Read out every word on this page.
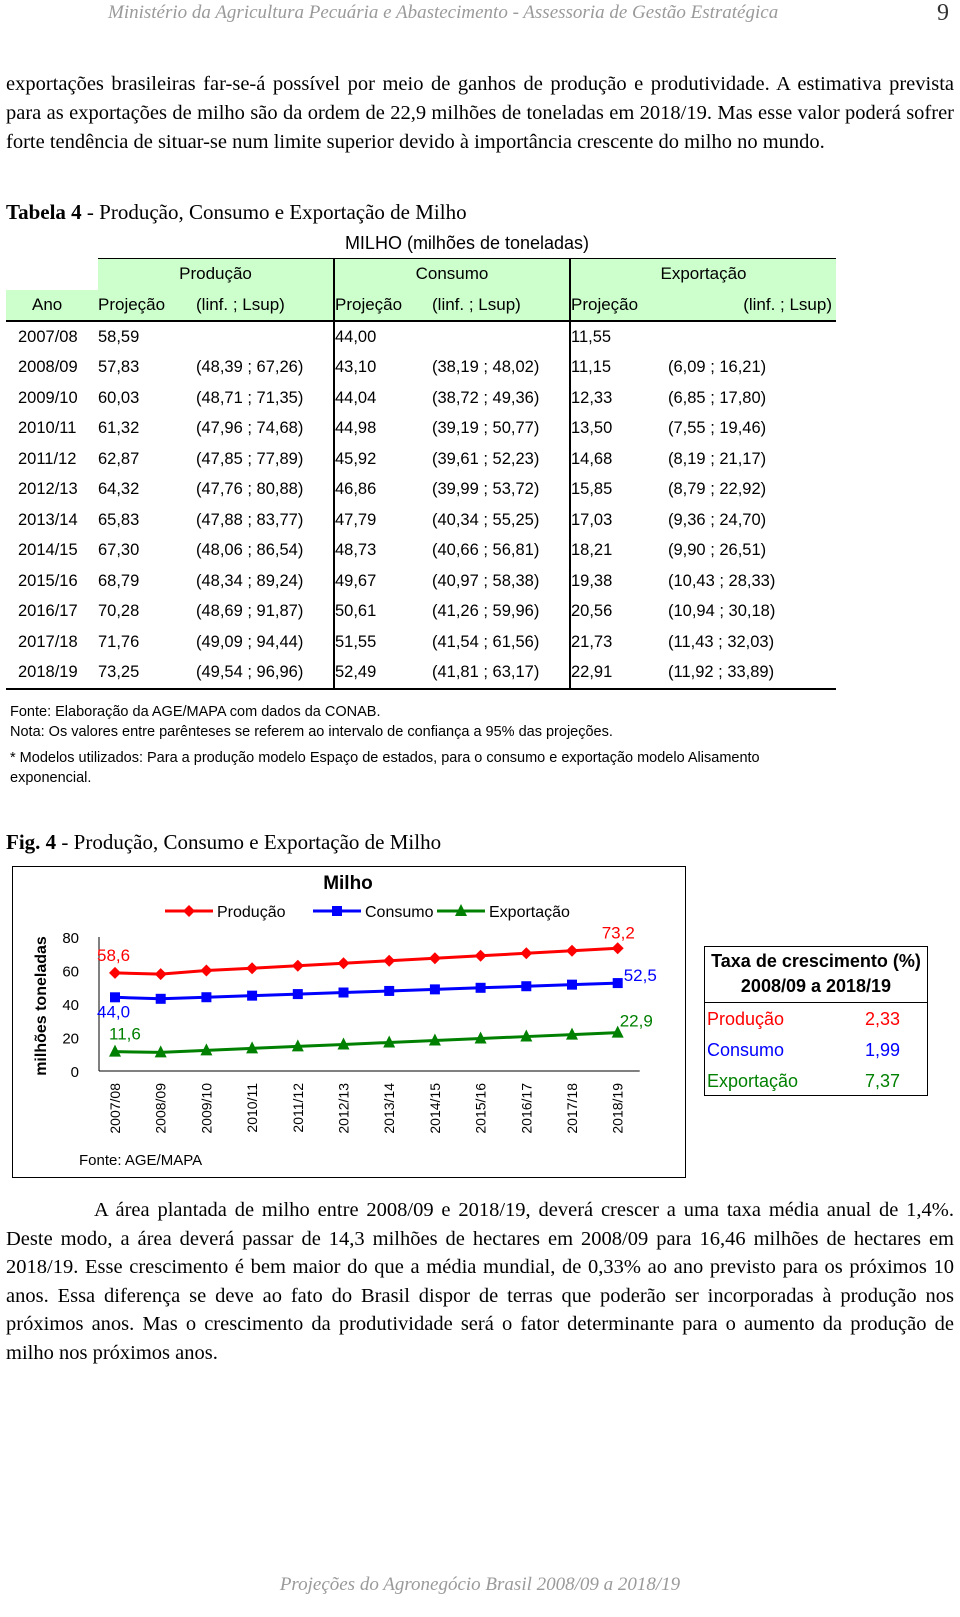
Ministério da Agricultura Pecuária e Abastecimento - Assessoria de Gestão Estratégica	9
exportações brasileiras far-se-á possível por meio de ganhos de produção e produtividade. A estimativa prevista para as exportações de milho são da ordem de 22,9 milhões de toneladas em 2018/19. Mas esse valor poderá sofrer forte tendência de situar-se num limite superior devido à importância crescente do milho no mundo.
Tabela 4 - Produção, Consumo e Exportação de Milho
	MILHO (milhões de toneladas)					
	Produção		Consumo		Exportação	
Ano	Projeção	(linf. ; Lsup)	Projeção	(linf. ; Lsup)	Projeção	(linf. ; Lsup)
2007/08	58,59		44,00		11,55	
2008/09	57,83	(48,39 ; 67,26)	43,10	(38,19 ; 48,02)	11,15	(6,09 ; 16,21)
2009/10	60,03	(48,71 ; 71,35)	44,04	(38,72 ; 49,36)	12,33	(6,85 ; 17,80)
2010/11	61,32	(47,96 ; 74,68)	44,98	(39,19 ; 50,77)	13,50	(7,55 ; 19,46)
2011/12	62,87	(47,85 ; 77,89)	45,92	(39,61 ; 52,23)	14,68	(8,19 ; 21,17)
2012/13	64,32	(47,76 ; 80,88)	46,86	(39,99 ; 53,72)	15,85	(8,79 ; 22,92)
2013/14	65,83	(47,88 ; 83,77)	47,79	(40,34 ; 55,25)	17,03	(9,36 ; 24,70)
2014/15	67,30	(48,06 ; 86,54)	48,73	(40,66 ; 56,81)	18,21	(9,90 ; 26,51)
2015/16	68,79	(48,34 ; 89,24)	49,67	(40,97 ; 58,38)	19,38	(10,43 ; 28,33)
2016/17	70,28	(48,69 ; 91,87)	50,61	(41,26 ; 59,96)	20,56	(10,94 ; 30,18)
2017/18	71,76	(49,09 ; 94,44)	51,55	(41,54 ; 61,56)	21,73	(11,43 ; 32,03)
2018/19	73,25	(49,54 ; 96,96)	52,49	(41,81 ; 63,17)	22,91	(11,92 ; 33,89)
Fonte: Elaboração da AGE/MAPA com dados da CONAB.
Nota: Os valores entre parênteses se referem ao intervalo de confiança a 95% das projeções.
* Modelos utilizados: Para a produção modelo Espaço de estados, para o consumo e exportação modelo Alisamento exponencial.
Fig. 4 - Produção, Consumo e Exportação de Milho
Milho
Produção	Consumo	Exportação
0
20
40
60
80
milhões toneladas
2007/08 2008/09 2009/10 2010/11 2011/12 2012/13 2013/14 2014/15 2015/16 2016/17 2017/18 2018/19
Fonte: AGE/MAPA
58,6
73,2
44,0
52,5
11,6
22,9
Taxa de crescimento (%) 2008/09 a 2018/19
Produção	2,33
Consumo	1,99
Exportação	7,37
A área plantada de milho entre 2008/09 e 2018/19, deverá crescer a uma taxa média anual de 1,4%. Deste modo, a área deverá passar de 14,3 milhões de hectares em 2008/09 para 16,46 milhões de hectares em 2018/19. Esse crescimento é bem maior do que a média mundial, de 0,33% ao ano previsto para os próximos 10 anos. Essa diferença se deve ao fato do Brasil dispor de terras que poderão ser incorporadas à produção nos próximos anos. Mas o crescimento da produtividade será o fator determinante para o aumento da produção de milho nos próximos anos.
Projeções do Agronegócio Brasil 2008/09 a 2018/19
